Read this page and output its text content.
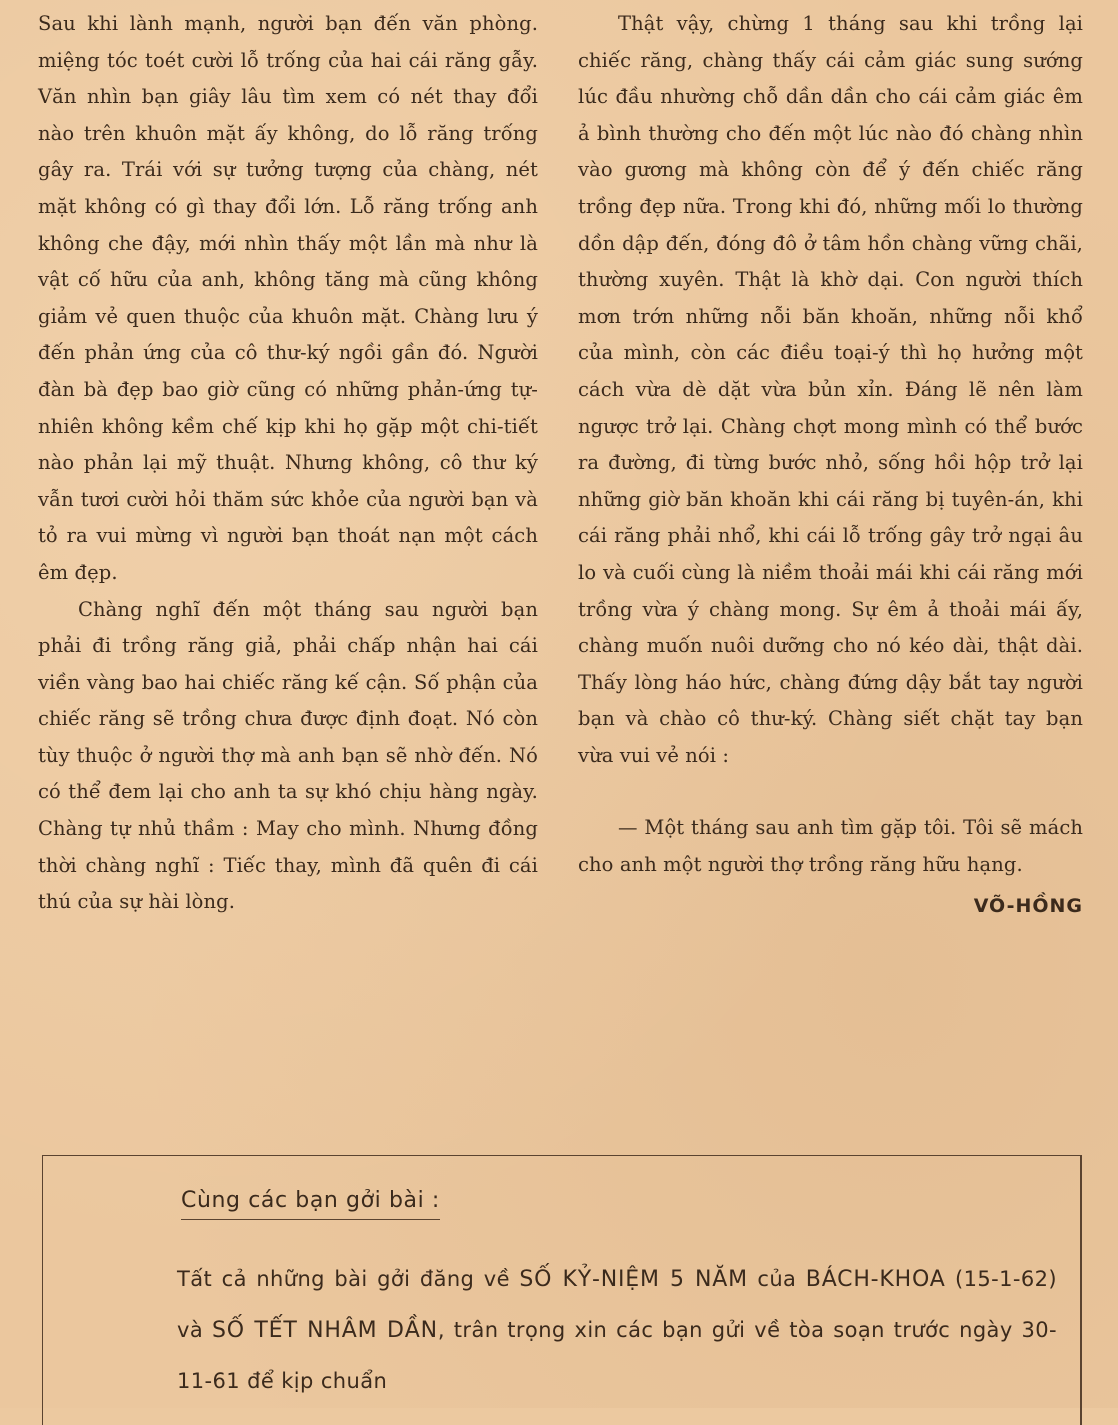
Sau khi lành mạnh, người bạn đến văn phòng. miệng tóc toét cười lỗ trống của hai cái răng gẫy. Văn nhìn bạn giây lâu tìm xem có nét thay đổi nào trên khuôn mặt ấy không, do lỗ răng trống gây ra. Trái với sự tưởng tượng của chàng, nét mặt không có gì thay đổi lớn. Lỗ răng trống anh không che đậy, mới nhìn thấy một lần mà như là vật cố hữu của anh, không tăng mà cũng không giảm vẻ quen thuộc của khuôn mặt. Chàng lưu ý đến phản ứng của cô thư-ký ngồi gần đó. Người đàn bà đẹp bao giờ cũng có những phản-ứng tự-nhiên không kềm chế kịp khi họ gặp một chi-tiết nào phản lại mỹ thuật. Nhưng không, cô thư ký vẫn tươi cười hỏi thăm sức khỏe của người bạn và tỏ ra vui mừng vì người bạn thoát nạn một cách êm đẹp.

Chàng nghĩ đến một tháng sau người bạn phải đi trồng răng giả, phải chấp nhận hai cái viền vàng bao hai chiếc răng kế cận. Số phận của chiếc răng sẽ trồng chưa được định đoạt. Nó còn tùy thuộc ở người thợ mà anh bạn sẽ nhờ đến. Nó có thể đem lại cho anh ta sự khó chịu hàng ngày. Chàng tự nhủ thầm : May cho mình. Nhưng đồng thời chàng nghĩ : Tiếc thay, mình đã quên đi cái thú của sự hài lòng.

Thật vậy, chừng 1 tháng sau khi trồng lại chiếc răng, chàng thấy cái cảm giác sung sướng lúc đầu nhường chỗ dần dần cho cái cảm giác êm ả bình thường cho đến một lúc nào đó chàng nhìn vào gương mà không còn để ý đến chiếc răng trồng đẹp nữa. Trong khi đó, những mối lo thường dồn dập đến, đóng đô ở tâm hồn chàng vững chãi, thường xuyên. Thật là khờ dại. Con người thích mơn trớn những nỗi băn khoăn, những nỗi khổ của mình, còn các điều toại-ý thì họ hưởng một cách vừa dè dặt vừa bủn xỉn. Đáng lẽ nên làm ngược trở lại. Chàng chợt mong mình có thể bước ra đường, đi từng bước nhỏ, sống hồi hộp trở lại những giờ băn khoăn khi cái răng bị tuyên-án, khi cái răng phải nhổ, khi cái lỗ trống gây trở ngại âu lo và cuối cùng là niềm thoải mái khi cái răng mới trồng vừa ý chàng mong. Sự êm ả thoải mái ấy, chàng muốn nuôi dưỡng cho nó kéo dài, thật dài. Thấy lòng háo hức, chàng đứng dậy bắt tay người bạn và chào cô thư-ký. Chàng siết chặt tay bạn vừa vui vẻ nói :

— Một tháng sau anh tìm gặp tôi. Tôi sẽ mách cho anh một người thợ trồng răng hữu hạng.

VÕ-HỒNG
Cùng các bạn gởi bài :
Tất cả những bài gởi đăng về SỐ KỶ-NIỆM 5 NĂM của BÁCH-KHOA (15-1-62) và SỐ TẾT NHÂM DẦN, trân trọng xin các bạn gửi về tòa soạn trước ngày 30-11-61 để kịp chuẩn
